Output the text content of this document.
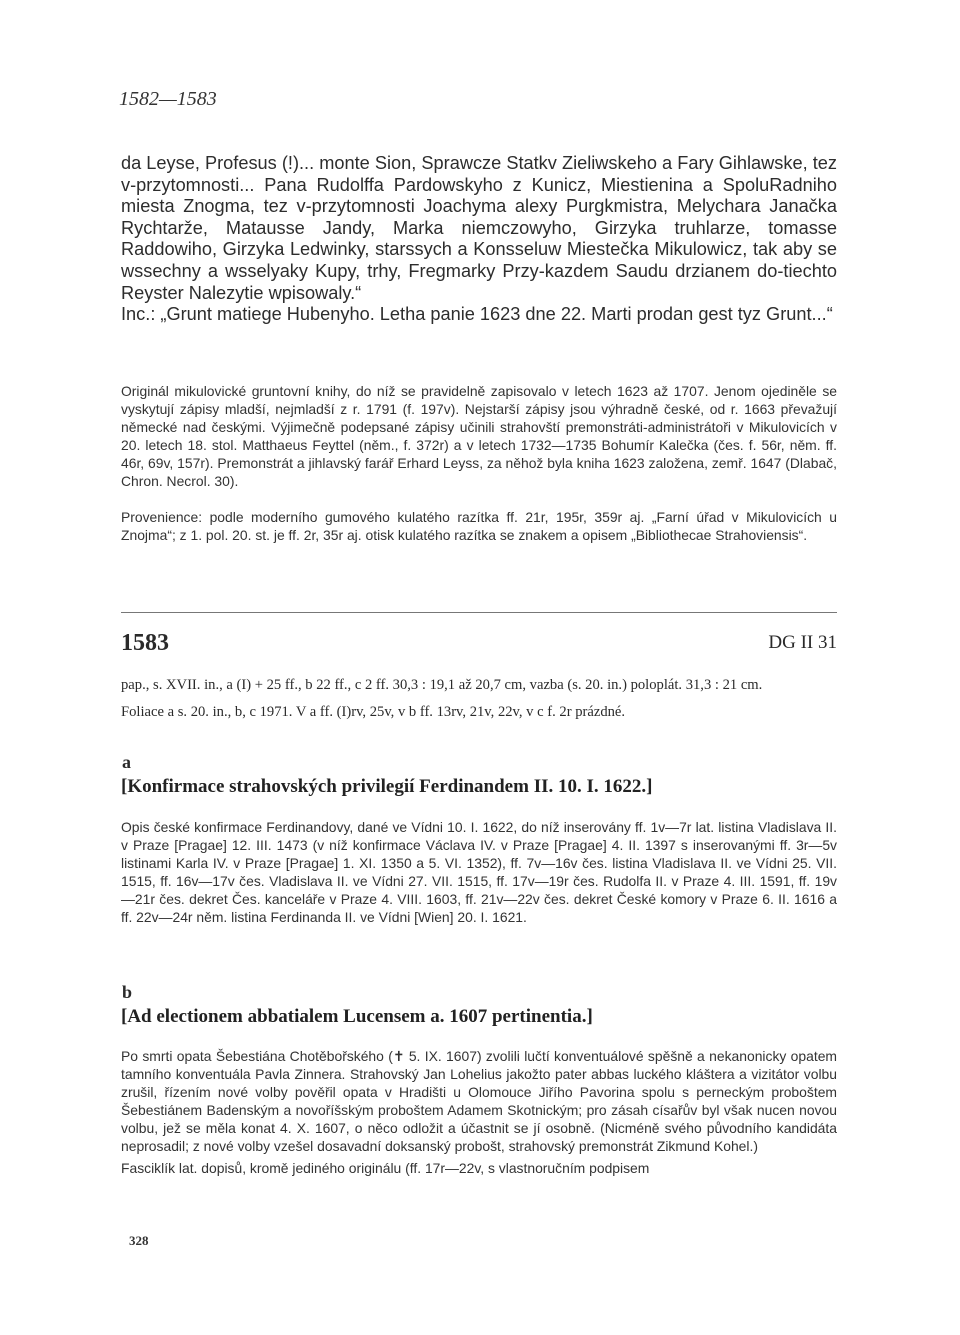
1582—1583

da Leyse, Profesus (!)... monte Sion, Sprawcze Statkv Zieliwskeho a Fary Gihlawske, tez v-przytomnosti... Pana Rudolffa Pardowskyho z Kunicz, Miestienina a SpoluRadniho miesta Znogma, tez v-przytomnosti Joachyma alexy Purgkmistra, Melychara Janačka Rychtarže, Matausse Jandy, Marka niemczowyho, Girzyka truhlarze, tomasse Raddowiho, Girzyka Ledwinky, starssych a Konsseluw Miestečka Mikulowicz, tak aby se wssechny a wsselyaky Kupy, trhy, Fregmarky Przy-kazdem Saudu drzianem do-tiechto Reyster Nalezytie wpisowaly.“

Inc.: „Grunt matiege Hubenyho. Letha panie 1623 dne 22. Marti prodan gest tyz Grunt...“

Originál mikulovické gruntovní knihy, do níž se pravidelně zapisovalo v letech 1623 až 1707. Jenom ojediněle se vyskytují zápisy mladší, nejmladší z r. 1791 (f. 197v). Nejstarší zápisy jsou výhradně české, od r. 1663 převažují německé nad českými. Výjimečně podepsané zápisy učinili strahovští premonstráti-administrátoři v Mikulovicích v 20. letech 18. stol. Matthaeus Feyttel (něm., f. 372r) a v letech 1732—1735 Bohumír Kalečka (čes. f. 56r, něm. ff. 46r, 69v, 157r). Premonstrát a jihlavský farář Erhard Leyss, za něhož byla kniha 1623 založena, zemř. 1647 (Dlabač, Chron. Necrol. 30).

Provenience: podle moderního gumového kulatého razítka ff. 21r, 195r, 359r aj. „Farní úřad v Mikulovicích u Znojma“; z 1. pol. 20. st. je ff. 2r, 35r aj. otisk kulatého razítka se znakem a opisem „Bibliothecae Strahoviensis“.

1583	DG II 31

pap., s. XVII. in., a (I) + 25 ff., b 22 ff., c 2 ff. 30,3 : 19,1 až 20,7 cm, vazba (s. 20. in.) poloplát. 31,3 : 21 cm.

Foliace a s. 20. in., b, c 1971. V a ff. (I)rv, 25v, v b ff. 13rv, 21v, 22v, v c f. 2r prázdné.

a
[Konfirmace strahovských privilegií Ferdinandem II. 10. I. 1622.]

Opis české konfirmace Ferdinandovy, dané ve Vídni 10. I. 1622, do níž inserovány ff. 1v—7r lat. listina Vladislava II. v Praze [Pragae] 12. III. 1473 (v níž konfirmace Václava IV. v Praze [Pragae] 4. II. 1397 s inserovanými ff. 3r—5v listinami Karla IV. v Praze [Pragae] 1. XI. 1350 a 5. VI. 1352), ff. 7v—16v čes. listina Vladislava II. ve Vídni 25. VII. 1515, ff. 16v—17v čes. Vladislava II. ve Vídni 27. VII. 1515, ff. 17v—19r čes. Rudolfa II. v Praze 4. III. 1591, ff. 19v—21r čes. dekret Čes. kanceláře v Praze 4. VIII. 1603, ff. 21v—22v čes. dekret České komory v Praze 6. II. 1616 a ff. 22v—24r něm. listina Ferdinanda II. ve Vídni [Wien] 20. I. 1621.

b
[Ad electionem abbatialem Lucensem a. 1607 pertinentia.]

Po smrti opata Šebestiána Chotěbořského (✝ 5. IX. 1607) zvolili lučtí konventuálové spěšně a nekanonicky opatem tamního konventuála Pavla Zinnera. Strahovský Jan Lohelius jakožto pater abbas luckého kláštera a vizitátor volbu zrušil, řízením nové volby pověřil opata v Hradišti u Olomouce Jiřího Pavorina spolu s perneckým proboštem Šebestiánem Badenským a novoříšským proboštem Adamem Skotnickým; pro zásah císařův byl však nucen novou volbu, jež se měla konat 4. X. 1607, o něco odložit a účastnit se jí osobně. (Nicméně svého původního kandidáta neprosadil; z nové volby vzešel dosavadní doksanský probošt, strahovský premonstrát Zikmund Kohel.)

Fasciklík lat. dopisů, kromě jediného originálu (ff. 17r—22v, s vlastnoručním podpisem

328
